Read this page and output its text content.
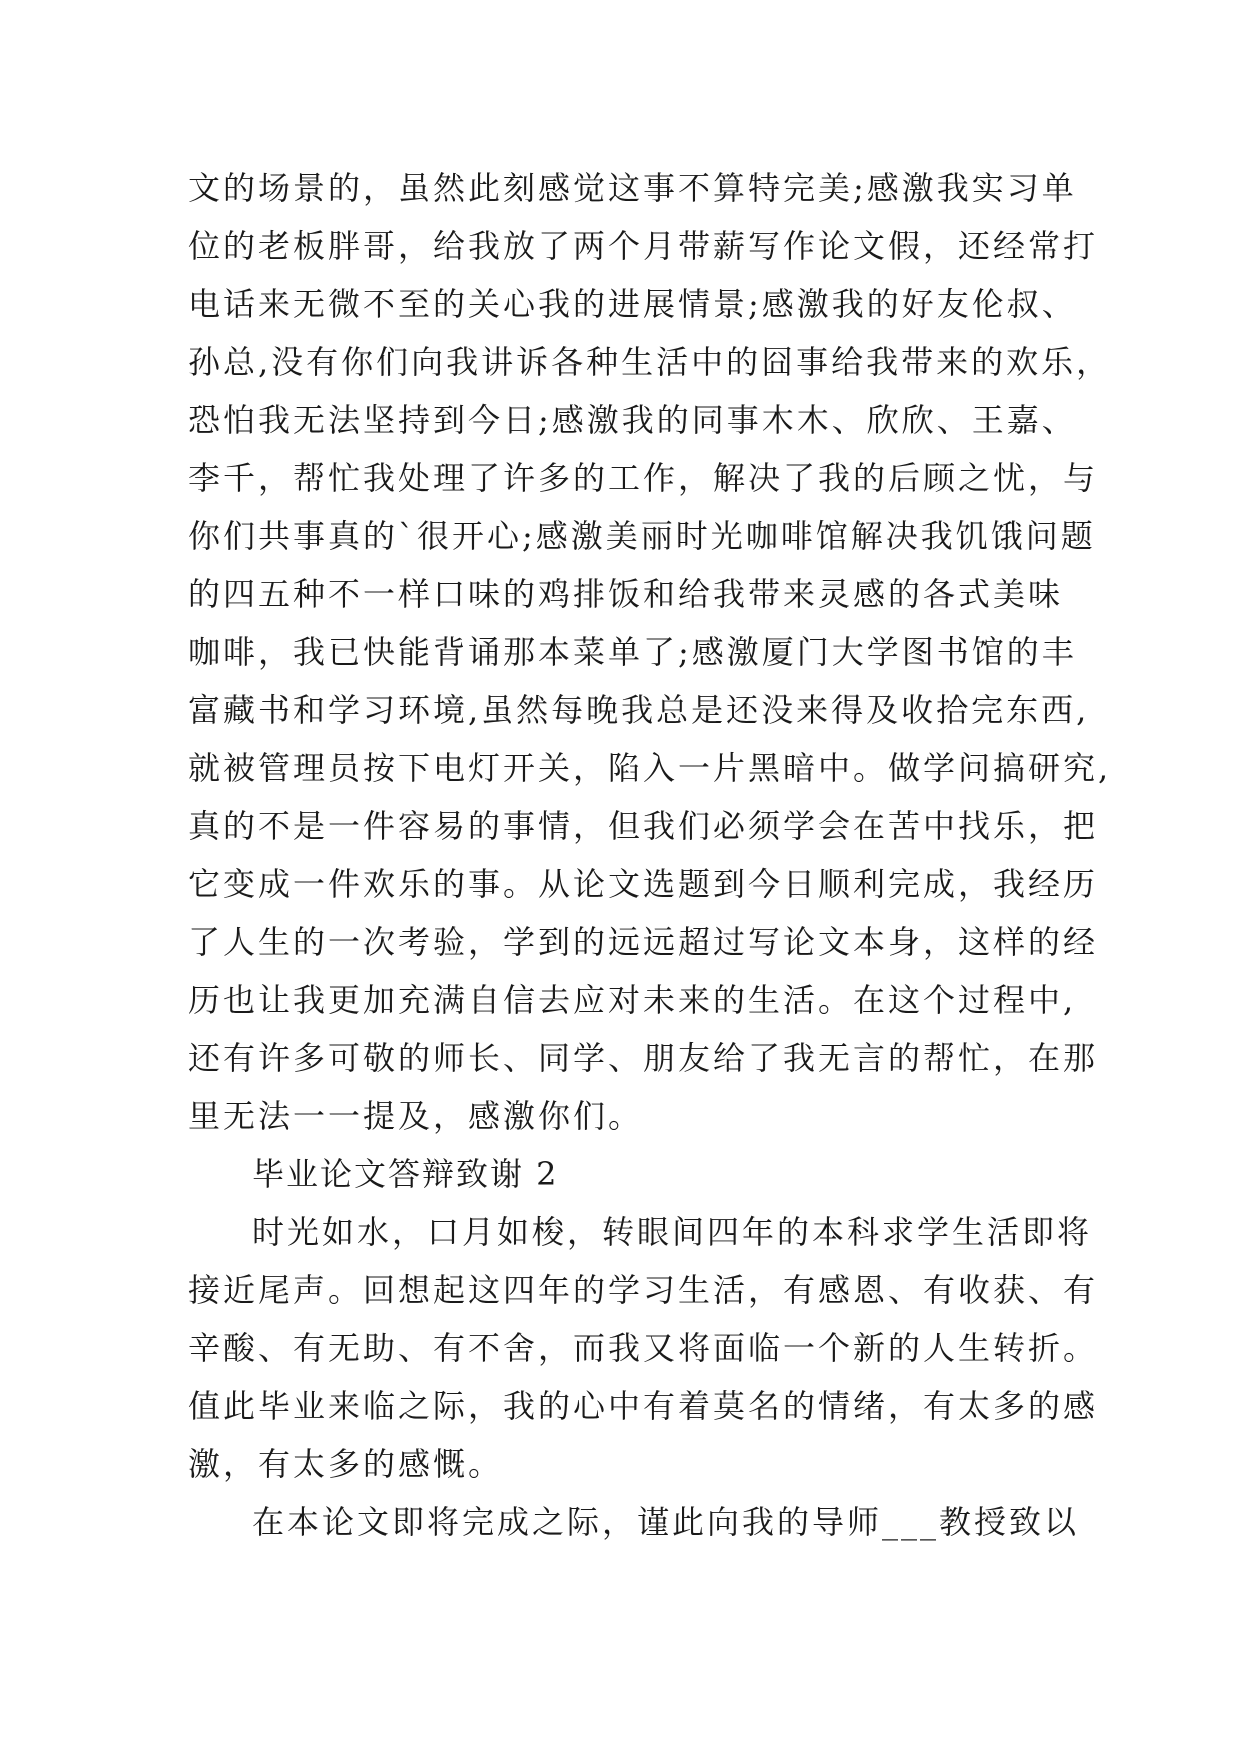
文的场景的，虽然此刻感觉这事不算特完美;感激我实习单
位的老板胖哥，给我放了两个月带薪写作论文假，还经常打
电话来无微不至的关心我的进展情景;感激我的好友伦叔、
孙总,没有你们向我讲诉各种生活中的囧事给我带来的欢乐，
恐怕我无法坚持到今日;感激我的同事木木、欣欣、王嘉、
李千，帮忙我处理了许多的工作，解决了我的后顾之忧，与
你们共事真的`很开心;感激美丽时光咖啡馆解决我饥饿问题
的四五种不一样口味的鸡排饭和给我带来灵感的各式美味
咖啡，我已快能背诵那本菜单了;感激厦门大学图书馆的丰
富藏书和学习环境,虽然每晚我总是还没来得及收拾完东西,
就被管理员按下电灯开关，陷入一片黑暗中。做学问搞研究,
真的不是一件容易的事情，但我们必须学会在苦中找乐，把
它变成一件欢乐的事。从论文选题到今日顺利完成，我经历
了人生的一次考验，学到的远远超过写论文本身，这样的经
历也让我更加充满自信去应对未来的生活。在这个过程中,
还有许多可敬的师长、同学、朋友给了我无言的帮忙，在那
里无法一一提及，感激你们。
毕业论文答辩致谢 2
时光如水，口月如梭，转眼间四年的本科求学生活即将
接近尾声。回想起这四年的学习生活，有感恩、有收获、有
辛酸、有无助、有不舍，而我又将面临一个新的人生转折。
值此毕业来临之际，我的心中有着莫名的情绪，有太多的感
激，有太多的感慨。
在本论文即将完成之际，谨此向我的导师___教授致以
